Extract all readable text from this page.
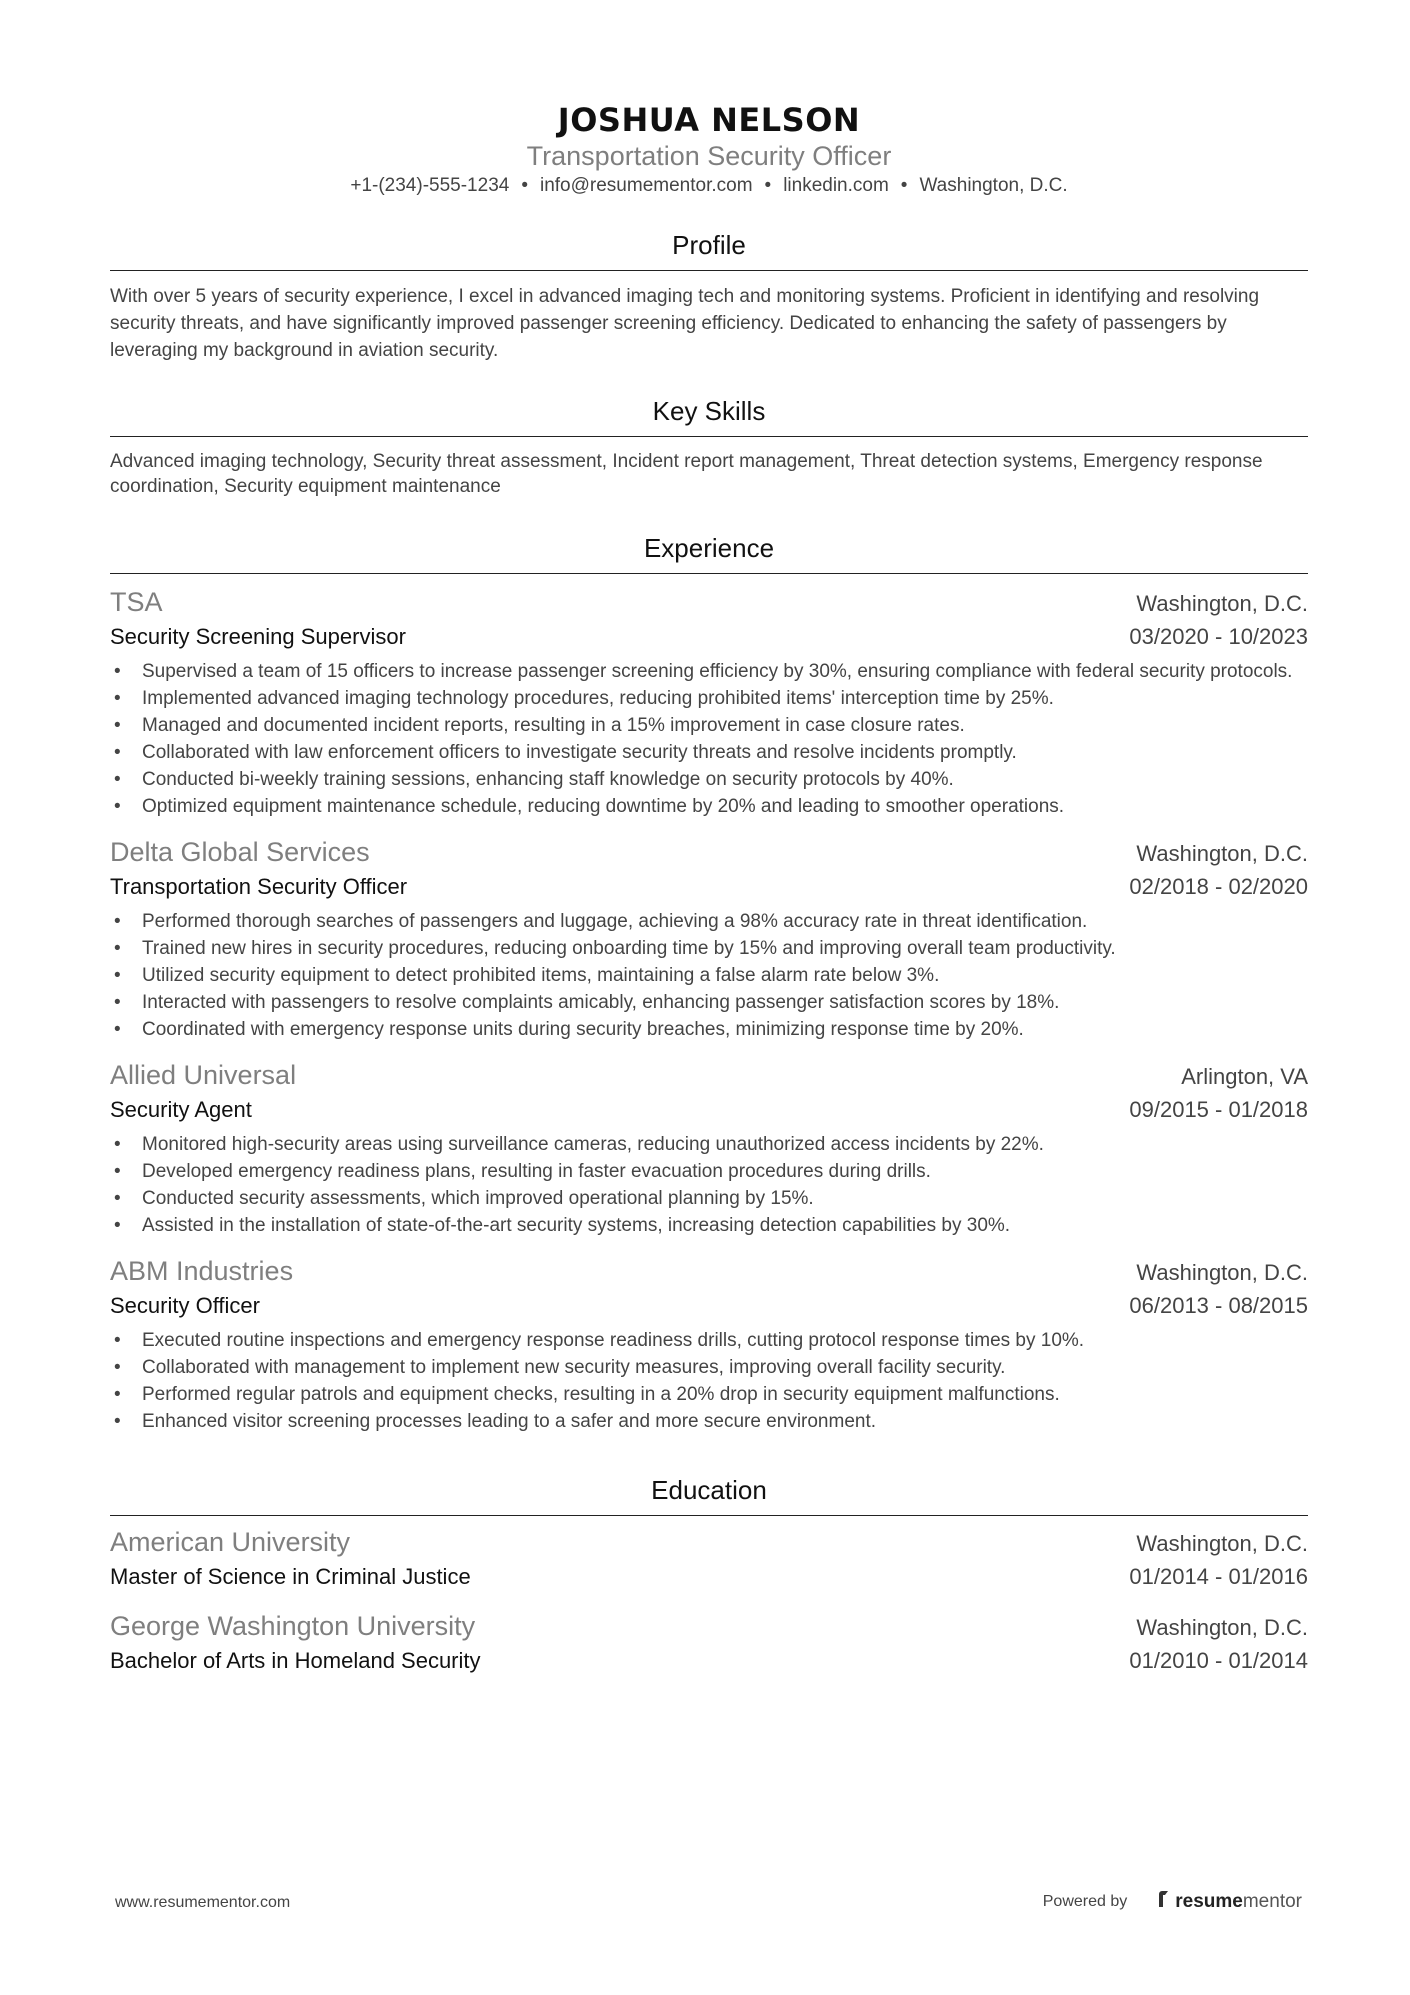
JOSHUA NELSON
Transportation Security Officer
+1-(234)-555-1234 • info@resumementor.com • linkedin.com • Washington, D.C.
Profile
With over 5 years of security experience, I excel in advanced imaging tech and monitoring systems. Proficient in identifying and resolving security threats, and have significantly improved passenger screening efficiency. Dedicated to enhancing the safety of passengers by leveraging my background in aviation security.
Key Skills
Advanced imaging technology, Security threat assessment, Incident report management, Threat detection systems, Emergency response coordination, Security equipment maintenance
Experience
TSA	Washington, D.C.
Security Screening Supervisor	03/2020 - 10/2023
• Supervised a team of 15 officers to increase passenger screening efficiency by 30%, ensuring compliance with federal security protocols.
• Implemented advanced imaging technology procedures, reducing prohibited items' interception time by 25%.
• Managed and documented incident reports, resulting in a 15% improvement in case closure rates.
• Collaborated with law enforcement officers to investigate security threats and resolve incidents promptly.
• Conducted bi-weekly training sessions, enhancing staff knowledge on security protocols by 40%.
• Optimized equipment maintenance schedule, reducing downtime by 20% and leading to smoother operations.
Delta Global Services	Washington, D.C.
Transportation Security Officer	02/2018 - 02/2020
• Performed thorough searches of passengers and luggage, achieving a 98% accuracy rate in threat identification.
• Trained new hires in security procedures, reducing onboarding time by 15% and improving overall team productivity.
• Utilized security equipment to detect prohibited items, maintaining a false alarm rate below 3%.
• Interacted with passengers to resolve complaints amicably, enhancing passenger satisfaction scores by 18%.
• Coordinated with emergency response units during security breaches, minimizing response time by 20%.
Allied Universal	Arlington, VA
Security Agent	09/2015 - 01/2018
• Monitored high-security areas using surveillance cameras, reducing unauthorized access incidents by 22%.
• Developed emergency readiness plans, resulting in faster evacuation procedures during drills.
• Conducted security assessments, which improved operational planning by 15%.
• Assisted in the installation of state-of-the-art security systems, increasing detection capabilities by 30%.
ABM Industries	Washington, D.C.
Security Officer	06/2013 - 08/2015
• Executed routine inspections and emergency response readiness drills, cutting protocol response times by 10%.
• Collaborated with management to implement new security measures, improving overall facility security.
• Performed regular patrols and equipment checks, resulting in a 20% drop in security equipment malfunctions.
• Enhanced visitor screening processes leading to a safer and more secure environment.
Education
American University	Washington, D.C.
Master of Science in Criminal Justice	01/2014 - 01/2016
George Washington University	Washington, D.C.
Bachelor of Arts in Homeland Security	01/2010 - 01/2014
www.resumementor.com	Powered by	resume mentor
